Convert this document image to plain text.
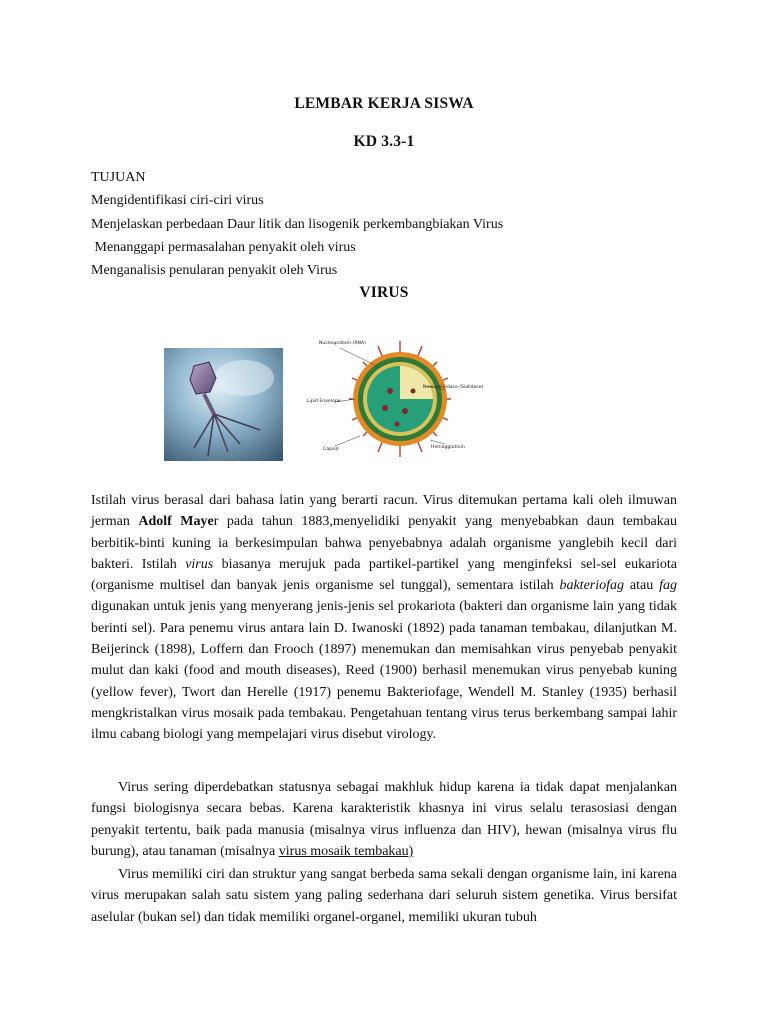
LEMBAR KERJA SISWA
KD 3.3-1
TUJUAN
Mengidentifikasi ciri-ciri virus
Menjelaskan perbedaan Daur litik dan lisogenik perkembangbiakan Virus
Menanggapi permasalahan penyakit oleh virus
Menganalisis penularan penyakit oleh Virus
VIRUS
Nucleoprotein (RNA)
Lipid Envelope
Capsid
Neuraminidase (Sialidase)
Hemagglutinin

Istilah virus berasal dari bahasa latin yang berarti racun. Virus ditemukan pertama kali oleh ilmuwan jerman Adolf Mayer pada tahun 1883,menyelidiki penyakit yang menyebabkan daun tembakau berbitik-binti kuning ia berkesimpulan bahwa penyebabnya adalah organisme yanglebih kecil dari bakteri. Istilah virus biasanya merujuk pada partikel-partikel yang menginfeksi sel-sel eukariota (organisme multisel dan banyak jenis organisme sel tunggal), sementara istilah bakteriofag atau fag digunakan untuk jenis yang menyerang jenis-jenis sel prokariota (bakteri dan organisme lain yang tidak berinti sel). Para penemu virus antara lain D. Iwanoski (1892) pada tanaman tembakau, dilanjutkan M. Beijerinck (1898), Loffern dan Frooch (1897) menemukan dan memisahkan virus penyebab penyakit mulut dan kaki (food and mouth diseases), Reed (1900) berhasil menemukan virus penyebab kuning (yellow fever), Twort dan Herelle (1917) penemu Bakteriofage, Wendell M. Stanley (1935) berhasil mengkristalkan virus mosaik pada tembakau. Pengetahuan tentang virus terus berkembang sampai lahir ilmu cabang biologi yang mempelajari virus disebut virology.

Virus sering diperdebatkan statusnya sebagai makhluk hidup karena ia tidak dapat menjalankan fungsi biologisnya secara bebas. Karena karakteristik khasnya ini virus selalu terasosiasi dengan penyakit tertentu, baik pada manusia (misalnya virus influenza dan HIV), hewan (misalnya virus flu burung), atau tanaman (misalnya virus mosaik tembakau)

Virus memiliki ciri dan struktur yang sangat berbeda sama sekali dengan organisme lain, ini karena virus merupakan salah satu sistem yang paling sederhana dari seluruh sistem genetika. Virus bersifat aselular (bukan sel) dan tidak memiliki organel-organel, memiliki ukuran tubuh
